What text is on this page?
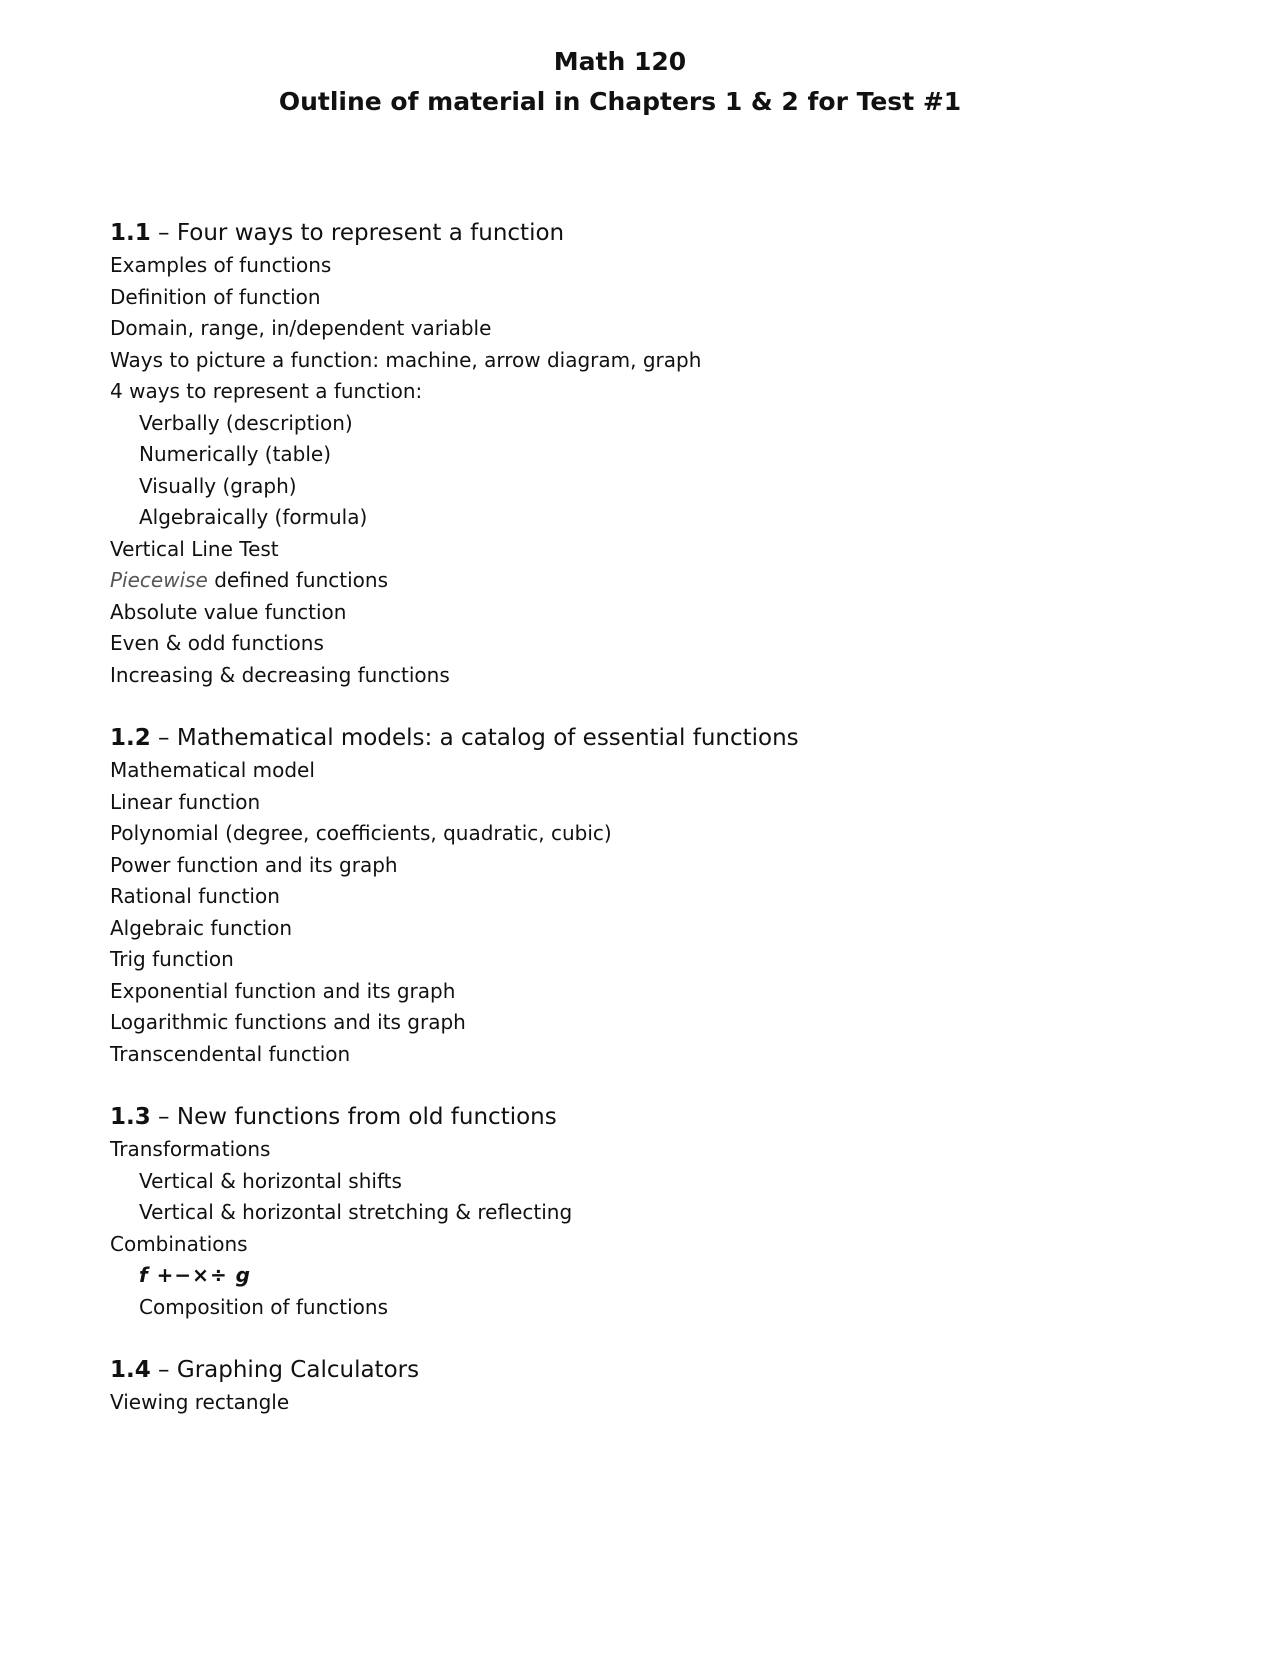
Math 120
Outline of material in Chapters 1 & 2 for Test #1
1.1 – Four ways to represent a function
Examples of functions
Definition of function
Domain, range, in/dependent variable
Ways to picture a function: machine, arrow diagram, graph
4 ways to represent a function:
Verbally (description)
Numerically (table)
Visually (graph)
Algebraically (formula)
Vertical Line Test
Piecewise defined functions
Absolute value function
Even & odd functions
Increasing & decreasing functions
1.2 – Mathematical models: a catalog of essential functions
Mathematical model
Linear function
Polynomial (degree, coefficients, quadratic, cubic)
Power function and its graph
Rational function
Algebraic function
Trig function
Exponential function and its graph
Logarithmic functions and its graph
Transcendental function
1.3 – New functions from old functions
Transformations
Vertical & horizontal shifts
Vertical & horizontal stretching & reflecting
Combinations
f +−×÷ g
Composition of functions
1.4 – Graphing Calculators
Viewing rectangle
